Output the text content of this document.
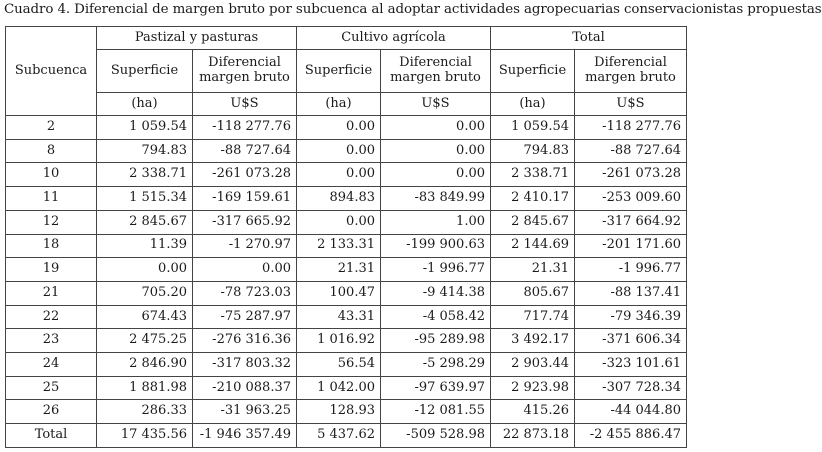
Cuadro 4. Diferencial de margen bruto por subcuenca al adoptar actividades agropecuarias conservacionistas propuestas
Subcuenca	Pastizal y pasturas		Cultivo agrícola		Total	
	Superficie	Diferencial margen bruto	Superficie	Diferencial margen bruto	Superficie	Diferencial margen bruto
	(ha)	U$S	(ha)	U$S	(ha)	U$S
2	1 059.54	-118 277.76	0.00	0.00	1 059.54	-118 277.76
8	794.83	-88 727.64	0.00	0.00	794.83	-88 727.64
10	2 338.71	-261 073.28	0.00	0.00	2 338.71	-261 073.28
11	1 515.34	-169 159.61	894.83	-83 849.99	2 410.17	-253 009.60
12	2 845.67	-317 665.92	0.00	1.00	2 845.67	-317 664.92
18	11.39	-1 270.97	2 133.31	-199 900.63	2 144.69	-201 171.60
19	0.00	0.00	21.31	-1 996.77	21.31	-1 996.77
21	705.20	-78 723.03	100.47	-9 414.38	805.67	-88 137.41
22	674.43	-75 287.97	43.31	-4 058.42	717.74	-79 346.39
23	2 475.25	-276 316.36	1 016.92	-95 289.98	3 492.17	-371 606.34
24	2 846.90	-317 803.32	56.54	-5 298.29	2 903.44	-323 101.61
25	1 881.98	-210 088.37	1 042.00	-97 639.97	2 923.98	-307 728.34
26	286.33	-31 963.25	128.93	-12 081.55	415.26	-44 044.80
Total	17 435.56	-1 946 357.49	5 437.62	-509 528.98	22 873.18	-2 455 886.47
